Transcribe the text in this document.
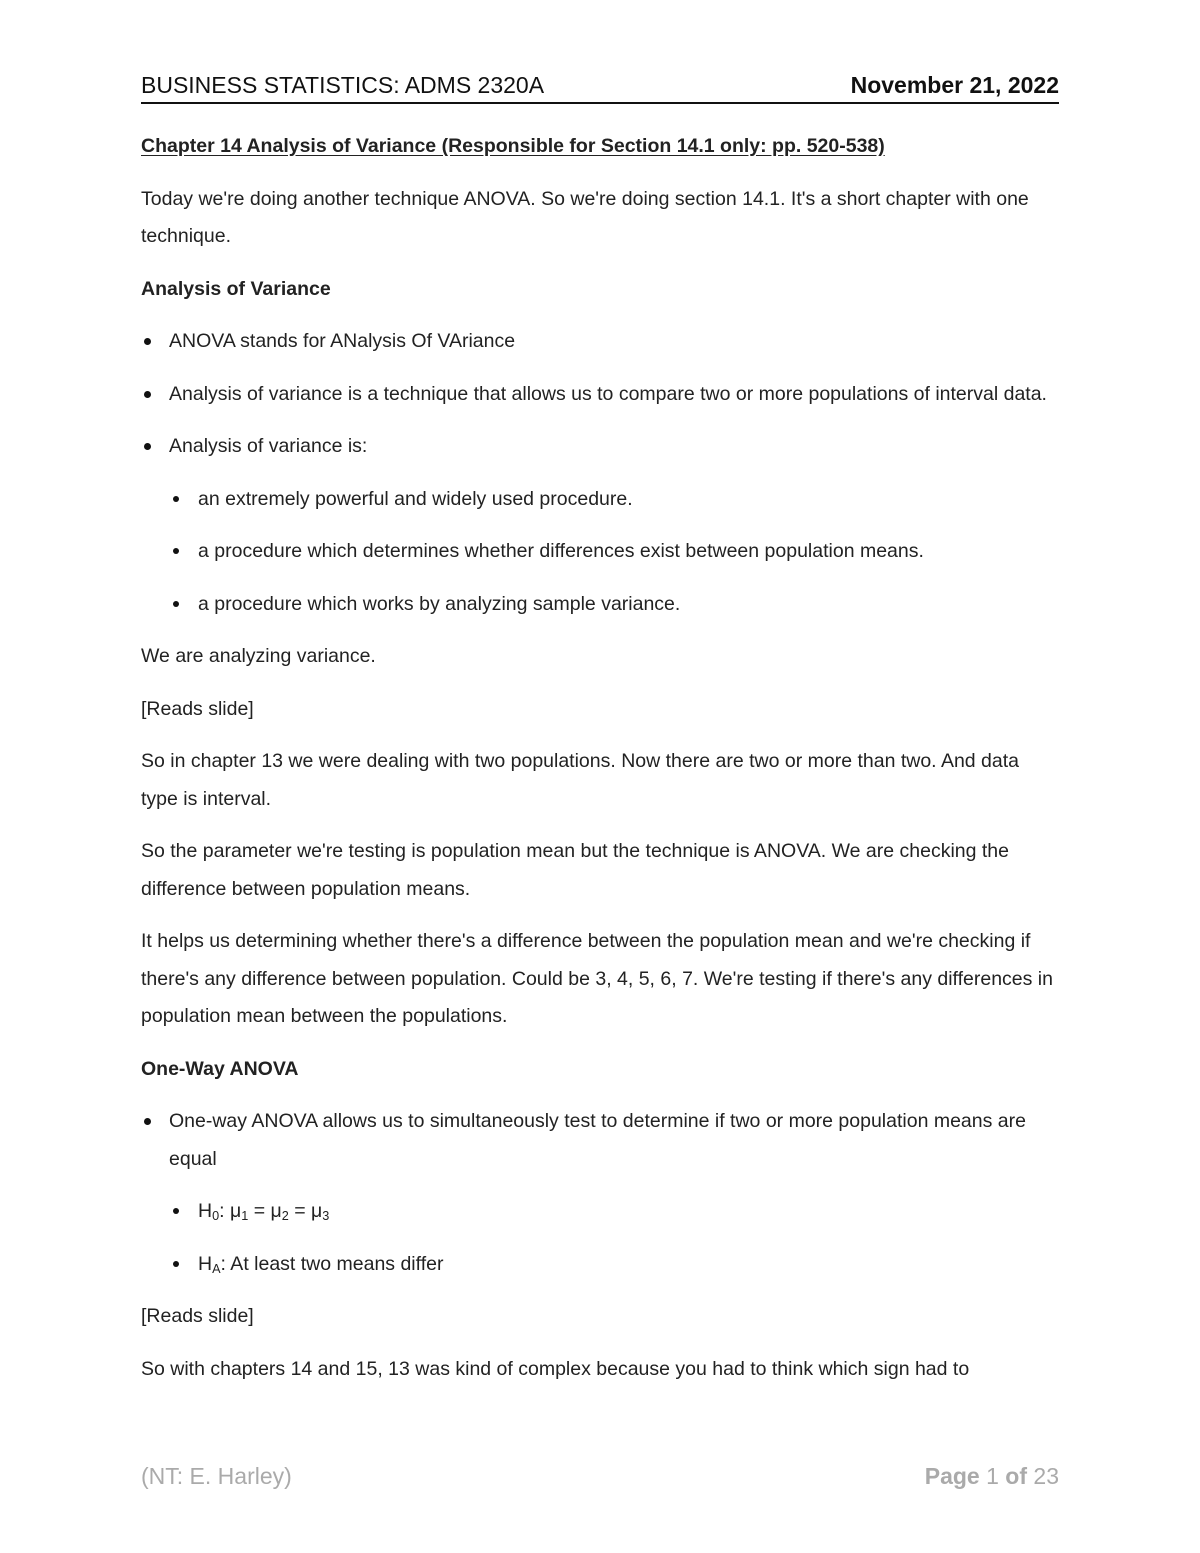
BUSINESS STATISTICS: ADMS 2320A	November 21, 2022

Chapter 14 Analysis of Variance (Responsible for Section 14.1 only: pp. 520-538)

Today we're doing another technique ANOVA. So we're doing section 14.1. It's a short chapter with one technique.

Analysis of Variance

ANOVA stands for ANalysis Of VAriance
Analysis of variance is a technique that allows us to compare two or more populations of interval data.
Analysis of variance is:
an extremely powerful and widely used procedure.
a procedure which determines whether differences exist between population means.
a procedure which works by analyzing sample variance.

We are analyzing variance.

[Reads slide]

So in chapter 13 we were dealing with two populations. Now there are two or more than two. And data type is interval.

So the parameter we're testing is population mean but the technique is ANOVA. We are checking the difference between population means.

It helps us determining whether there's a difference between the population mean and we're checking if there's any difference between population. Could be 3, 4, 5, 6, 7. We're testing if there's any differences in population mean between the populations.

One-Way ANOVA

One-way ANOVA allows us to simultaneously test to determine if two or more population means are equal
$H_0$: $\mu_1 = \mu_2 = \mu_3$
$H_A$: At least two means differ

[Reads slide]

So with chapters 14 and 15, 13 was kind of complex because you had to think which sign had to

(NT: E. Harley)	Page 1 of 23
